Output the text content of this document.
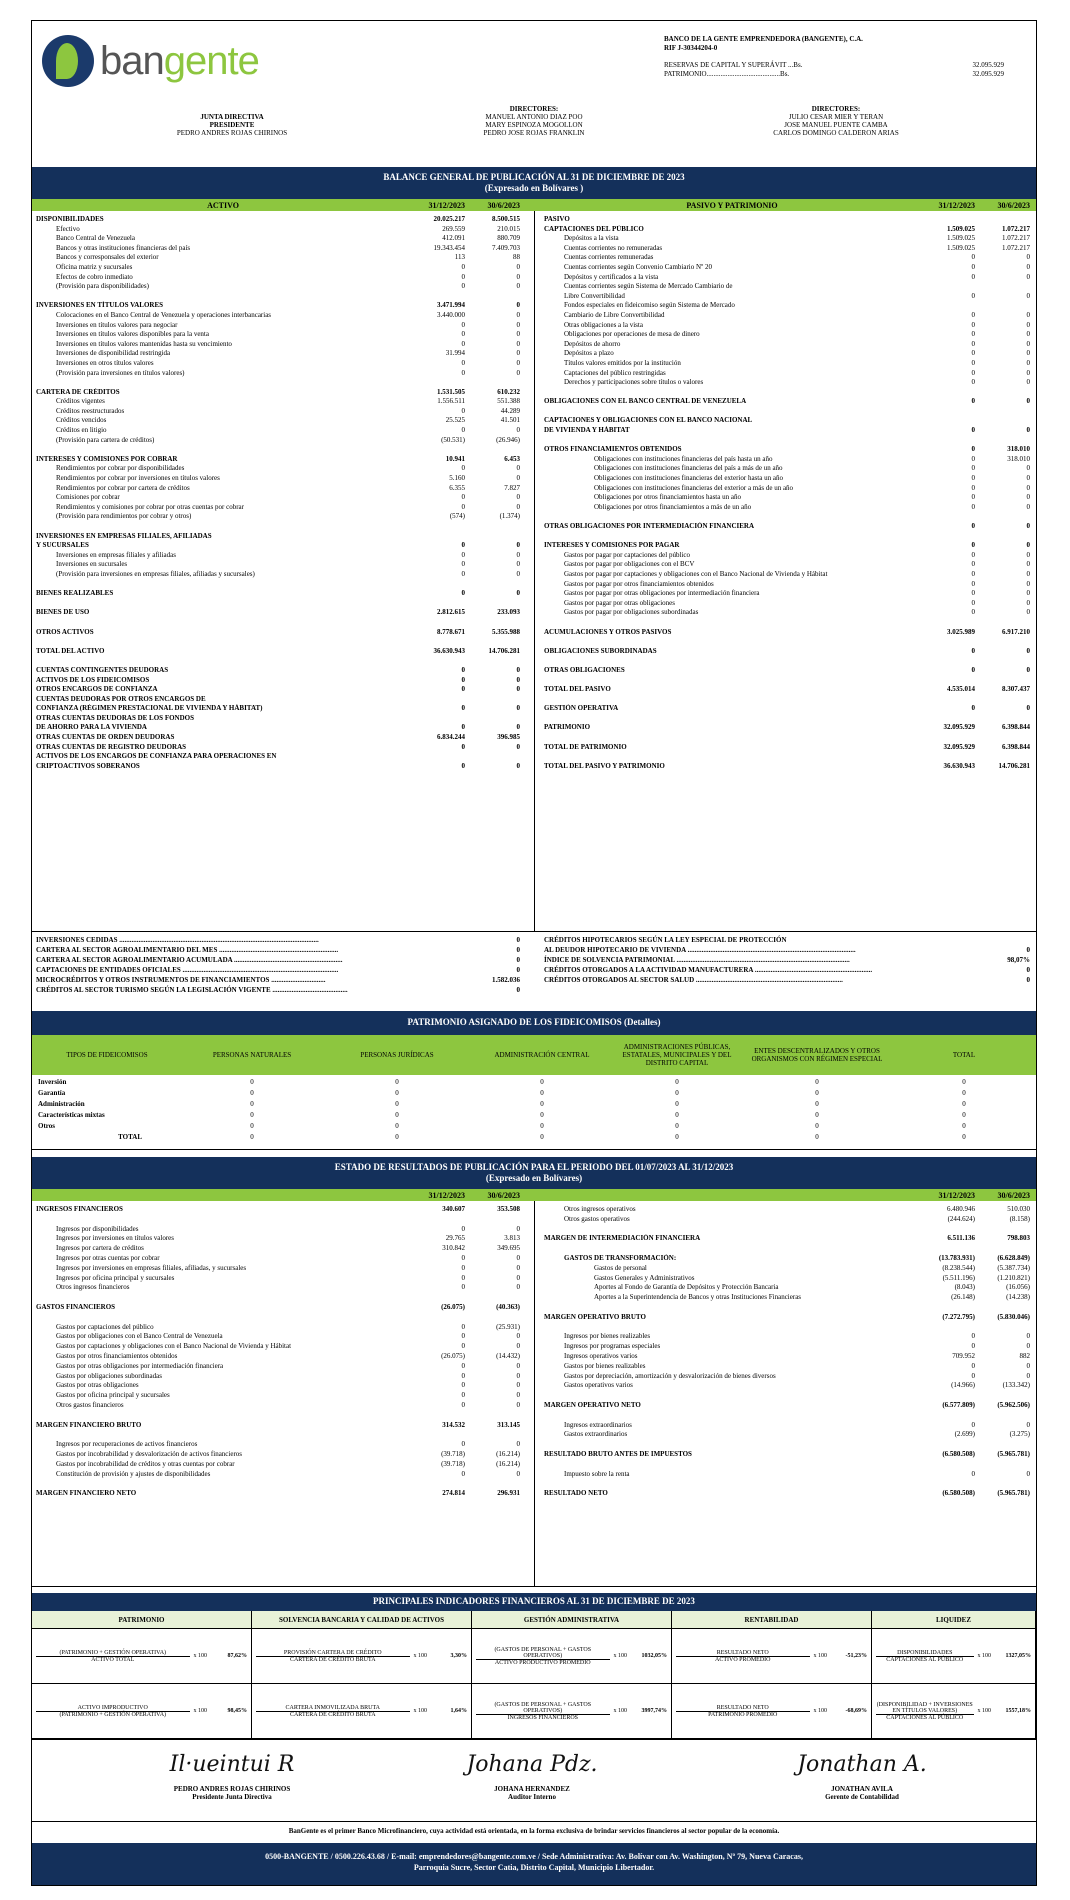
ban gente	BANCO DE LA GENTE EMPRENDEDORA (BANGENTE), C.A.
RIF J-30344204-0
RESERVAS DE CAPITAL Y SUPERÁVIT ...Bs.	32.095.929
PATRIMONIO..........................................Bs.	32.095.929
JUNTA DIRECTIVA
PRESIDENTE
PEDRO ANDRES ROJAS CHIRINOS
DIRECTORES:
MANUEL ANTONIO DIAZ POO
MARY ESPINOZA MOGOLLON
PEDRO JOSE ROJAS FRANKLIN
DIRECTORES:
JULIO CESAR MIER Y TERAN
JOSE MANUEL PUENTE CAMBA
CARLOS DOMINGO CALDERON ARIAS
BALANCE GENERAL DE PUBLICACIÓN AL 31 DE DICIEMBRE DE 2023
(Expresado en Bolívares )
ACTIVO	31/12/2023	30/6/2023	PASIVO Y PATRIMONIO	31/12/2023	30/6/2023
DISPONIBILIDADES	20.025.217	8.500.515
Efectivo	269.559	210.015
Banco Central de Venezuela	412.091	880.709
Bancos y otras instituciones financieras del país	19.343.454	7.409.703
Bancos y corresponsales del exterior	113	88
Oficina matriz y sucursales	0	0
Efectos de cobro inmediato	0	0
(Provisión para disponibilidades)	0	0
INVERSIONES EN TÍTULOS VALORES	3.471.994	0
Colocaciones en el Banco Central de Venezuela y operaciones interbancarias	3.440.000	0
Inversiones en títulos valores para negociar	0	0
Inversiones en títulos valores disponibles para la venta	0	0
Inversiones en títulos valores mantenidas hasta su vencimiento	0	0
Inversiones de disponibilidad restringida	31.994	0
Inversiones en otros títulos valores	0	0
(Provisión para inversiones en títulos valores)	0	0
CARTERA DE CRÉDITOS	1.531.505	610.232
Créditos vigentes	1.556.511	551.388
Créditos reestructurados	0	44.289
Créditos vencidos	25.525	41.501
Créditos en litigio	0	0
(Provisión para cartera de créditos)	(50.531)	(26.946)
INTERESES Y COMISIONES POR COBRAR	10.941	6.453
Rendimientos por cobrar por disponibilidades	0	0
Rendimientos por cobrar por inversiones en títulos valores	5.160	0
Rendimientos por cobrar por cartera de créditos	6.355	7.827
Comisiones por cobrar	0	0
Rendimientos y comisiones por cobrar por otras cuentas por cobrar	0	0
(Provisión para rendimientos por cobrar y otros)	(574)	(1.374)
INVERSIONES EN EMPRESAS FILIALES, AFILIADAS
Y SUCURSALES	0	0
Inversiones en empresas filiales y afiliadas	0	0
Inversiones en sucursales	0	0
(Provisión para inversiones en empresas filiales, afiliadas y sucursales)	0	0
BIENES REALIZABLES	0	0
BIENES DE USO	2.812.615	233.093
OTROS ACTIVOS	8.778.671	5.355.988
TOTAL DEL ACTIVO	36.630.943	14.706.281
CUENTAS CONTINGENTES DEUDORAS	0	0
ACTIVOS DE LOS FIDEICOMISOS	0	0
OTROS ENCARGOS DE CONFIANZA	0	0
CUENTAS DEUDORAS POR OTROS ENCARGOS DE
CONFIANZA (RÉGIMEN PRESTACIONAL DE VIVIENDA Y HÁBITAT)	0	0
OTRAS CUENTAS DEUDORAS DE LOS FONDOS
DE AHORRO PARA LA VIVIENDA	0	0
OTRAS CUENTAS DE ORDEN DEUDORAS	6.834.244	396.985
OTRAS CUENTAS DE REGISTRO DEUDORAS	0	0
ACTIVOS DE LOS ENCARGOS DE CONFIANZA PARA OPERACIONES EN
CRIPTOACTIVOS SOBERANOS	0	0
PASIVO
CAPTACIONES DEL PÚBLICO	1.509.025	1.072.217
Depósitos a la vista	1.509.025	1.072.217
Cuentas corrientes no remuneradas	1.509.025	1.072.217
Cuentas corrientes remuneradas	0	0
Cuentas corrientes según Convenio Cambiario Nº 20	0	0
Depósitos y certificados a la vista	0	0
Cuentas corrientes según Sistema de Mercado Cambiario de
Libre Convertibilidad	0	0
Fondos especiales en fideicomiso según Sistema de Mercado
Cambiario de Libre Convertibilidad	0	0
Otras obligaciones a la vista	0	0
Obligaciones por operaciones de mesa de dinero	0	0
Depósitos de ahorro	0	0
Depósitos a plazo	0	0
Títulos valores emitidos por la institución	0	0
Captaciones del público restringidas	0	0
Derechos y participaciones sobre títulos o valores	0	0
OBLIGACIONES CON EL BANCO CENTRAL DE VENEZUELA	0	0
CAPTACIONES Y OBLIGACIONES CON EL BANCO NACIONAL
DE VIVIENDA Y HÁBITAT	0	0
OTROS FINANCIAMIENTOS OBTENIDOS	0	318.010
Obligaciones con instituciones financieras del país hasta un año	0	318.010
Obligaciones con instituciones financieras del país a más de un año	0	0
Obligaciones con instituciones financieras del exterior hasta un año	0	0
Obligaciones con instituciones financieras del exterior a más de un año	0	0
Obligaciones por otros financiamientos hasta un año	0	0
Obligaciones por otros financiamientos a más de un año	0	0
OTRAS OBLIGACIONES POR INTERMEDIACIÓN FINANCIERA	0	0
INTERESES Y COMISIONES POR PAGAR	0	0
Gastos por pagar por captaciones del público	0	0
Gastos por pagar por obligaciones con el BCV	0	0
Gastos por pagar por captaciones y obligaciones con el Banco Nacional de Vivienda y Hábitat	0	0
Gastos por pagar por otros financiamientos obtenidos	0	0
Gastos por pagar por otras obligaciones por intermediación financiera	0	0
Gastos por pagar por otras obligaciones	0	0
Gastos por pagar por obligaciones subordinadas	0	0
ACUMULACIONES Y OTROS PASIVOS	3.025.989	6.917.210
OBLIGACIONES SUBORDINADAS	0	0
OTRAS OBLIGACIONES	0	0
TOTAL DEL PASIVO	4.535.014	8.307.437
GESTIÓN OPERATIVA	0	0
PATRIMONIO	32.095.929	6.398.844
TOTAL DE PATRIMONIO	32.095.929	6.398.844
TOTAL DEL PASIVO Y PATRIMONIO	36.630.943	14.706.281
INVERSIONES CEDIDAS ..................................................................................................................	0
CARTERA AL SECTOR AGROALIMENTARIO DEL MES ....................................................................	0
CARTERA AL SECTOR AGROALIMENTARIO ACUMULADA ..............................................................	0
CAPTACIONES DE ENTIDADES OFICIALES .........................................................................................	0
MICROCRÉDITOS Y OTROS INSTRUMENTOS DE FINANCIAMIENTOS ...............................	1.582.036
CRÉDITOS AL SECTOR TURISMO SEGÚN LA LEGISLACIÓN VIGENTE ...........................................	0
CRÉDITOS HIPOTECARIOS SEGÚN LA LEY ESPECIAL DE PROTECCIÓN
AL DEUDOR HIPOTECARIO DE VIVIENDA ................................................................................................	0
ÍNDICE DE SOLVENCIA PATRIMONIAL ...................................................................................................	98,07%
CRÉDITOS OTORGADOS A LA ACTIVIDAD MANUFACTURERA ...................................................................	0
CRÉDITOS OTORGADOS AL SECTOR SALUD ....................................................................................	0
PATRIMONIO ASIGNADO DE LOS FIDEICOMISOS (Detalles)
TIPOS DE FIDEICOMISOS	PERSONAS NATURALES	PERSONAS JURÍDICAS	ADMINISTRACIÓN CENTRAL
ADMINISTRACIONES PÚBLICAS, ESTATALES, MUNICIPALES Y DEL DISTRITO CAPITAL
ENTES DESCENTRALIZADOS Y OTROS ORGANISMOS CON RÉGIMEN ESPECIAL	TOTAL
Inversión	0	0	0	0	0	0
Garantía	0	0	0	0	0	0
Administración	0	0	0	0	0	0
Características mixtas	0	0	0	0	0	0
Otros	0	0	0	0	0	0
TOTAL	0	0	0	0	0	0
ESTADO DE RESULTADOS DE PUBLICACIÓN PARA EL PERIODO DEL 01/07/2023 AL 31/12/2023
(Expresado en Bolívares)
31/12/2023	30/6/2023	31/12/2023	30/6/2023
INGRESOS FINANCIEROS	340.607	353.508
Ingresos por disponibilidades	0	0
Ingresos por inversiones en títulos valores	29.765	3.813
Ingresos por cartera de créditos	310.842	349.695
Ingresos por otras cuentas por cobrar	0	0
Ingresos por inversiones en empresas filiales, afiliadas, y sucursales	0	0
Ingresos por oficina principal y sucursales	0	0
Otros ingresos financieros	0	0
GASTOS FINANCIEROS	(26.075)	(40.363)
Gastos por captaciones del público	0	(25.931)
Gastos por obligaciones con el Banco Central de Venezuela	0	0
Gastos por captaciones y obligaciones con el Banco Nacional de Vivienda y Hábitat	0	0
Gastos por otros financiamientos obtenidos	(26.075)	(14.432)
Gastos por otras obligaciones por intermediación financiera	0	0
Gastos por obligaciones subordinadas	0	0
Gastos por otras obligaciones	0	0
Gastos por oficina principal y sucursales	0	0
Otros gastos financieros	0	0
MARGEN FINANCIERO BRUTO	314.532	313.145
Ingresos por recuperaciones de activos financieros	0	0
Gastos por incobrabilidad y desvalorización de activos financieros	(39.718)	(16.214)
Gastos por incobrabilidad de créditos y otras cuentas por cobrar	(39.718)	(16.214)
Constitución de provisión y ajustes de disponibilidades	0	0
MARGEN FINANCIERO NETO	274.814	296.931
Otros ingresos operativos	6.480.946	510.030
Otros gastos operativos	(244.624)	(8.158)
MARGEN DE INTERMEDIACIÓN FINANCIERA	6.511.136	798.803
GASTOS DE TRANSFORMACIÓN:	(13.783.931)	(6.628.849)
Gastos de personal	(8.238.544)	(5.387.734)
Gastos Generales y Administrativos	(5.511.196)	(1.210.821)
Aportes al Fondo de Garantía de Depósitos y Protección Bancaria	(8.043)	(16.056)
Aportes a la Superintendencia de Bancos y otras Instituciones Financieras	(26.148)	(14.238)
MARGEN OPERATIVO BRUTO	(7.272.795)	(5.830.046)
Ingresos por bienes realizables	0	0
Ingresos por programas especiales	0	0
Ingresos operativos varios	709.952	882
Gastos por bienes realizables	0	0
Gastos por depreciación, amortización y desvalorización de bienes diversos	0	0
Gastos operativos varios	(14.966)	(133.342)
MARGEN OPERATIVO NETO	(6.577.809)	(5.962.506)
Ingresos extraordinarios	0	0
Gastos extraordinarios	(2.699)	(3.275)
RESULTADO BRUTO ANTES DE IMPUESTOS	(6.580.508)	(5.965.781)
Impuesto sobre la renta	0	0
RESULTADO NETO	(6.580.508)	(5.965.781)
PRINCIPALES INDICADORES FINANCIEROS AL 31 DE DICIEMBRE DE 2023
PATRIMONIO	SOLVENCIA BANCARIA Y CALIDAD DE ACTIVOS	GESTIÓN ADMINISTRATIVA	RENTABILIDAD	LIQUIDEZ
(PATRIMONIO + GESTIÓN OPERATIVA)
ACTIVO TOTAL
x 100	87,62%
PROVISIÓN CARTERA DE CRÉDITO
CARTERA DE CRÉDITO BRUTA
x 100	3,30%
(GASTOS DE PERSONAL + GASTOS OPERATIVOS)
ACTIVO PRODUCTIVO PROMEDIO
x 100	1032,05%
RESULTADO NETO
ACTIVO PROMEDIO
x 100	-51,23%
DISPONIBILIDADES
CAPTACIONES AL PÚBLICO
x 100	1327,05%
ACTIVO IMPRODUCTIVO
(PATRIMONIO + GESTIÓN OPERATIVA)
x 100	98,45%
CARTERA INMOVILIZADA BRUTA
CARTERA DE CRÉDITO BRUTA
x 100	1,64%
(GASTOS DE PERSONAL + GASTOS OPERATIVOS)
INGRESOS FINANCIEROS
x 100	3997,74%
RESULTADO NETO
PATRIMONIO PROMEDIO
x 100	-68,69%
(DISPONIBILIDAD + INVERSIONES EN TÍTULOS VALORES)
CAPTACIONES AL PÚBLICO
x 100	1557,18%
Il·ueintui R
PEDRO ANDRES ROJAS CHIRINOS
Presidente Junta Directiva
Johana Pdz.
JOHANA HERNANDEZ
Auditor Interno
Jonathan A.
JONATHAN AVILA
Gerente de Contabilidad
BanGente es el primer Banco Microfinanciero, cuya actividad está orientada, en la forma exclusiva de brindar servicios financieros al sector popular de la economía.
0500-BANGENTE / 0500.226.43.68 / E-mail: emprendedores@bangente.com.ve / Sede Administrativa: Av. Bolívar con Av. Washington, Nº 79, Nueva Caracas,
Parroquia Sucre, Sector Catia, Distrito Capital, Municipio Libertador.
